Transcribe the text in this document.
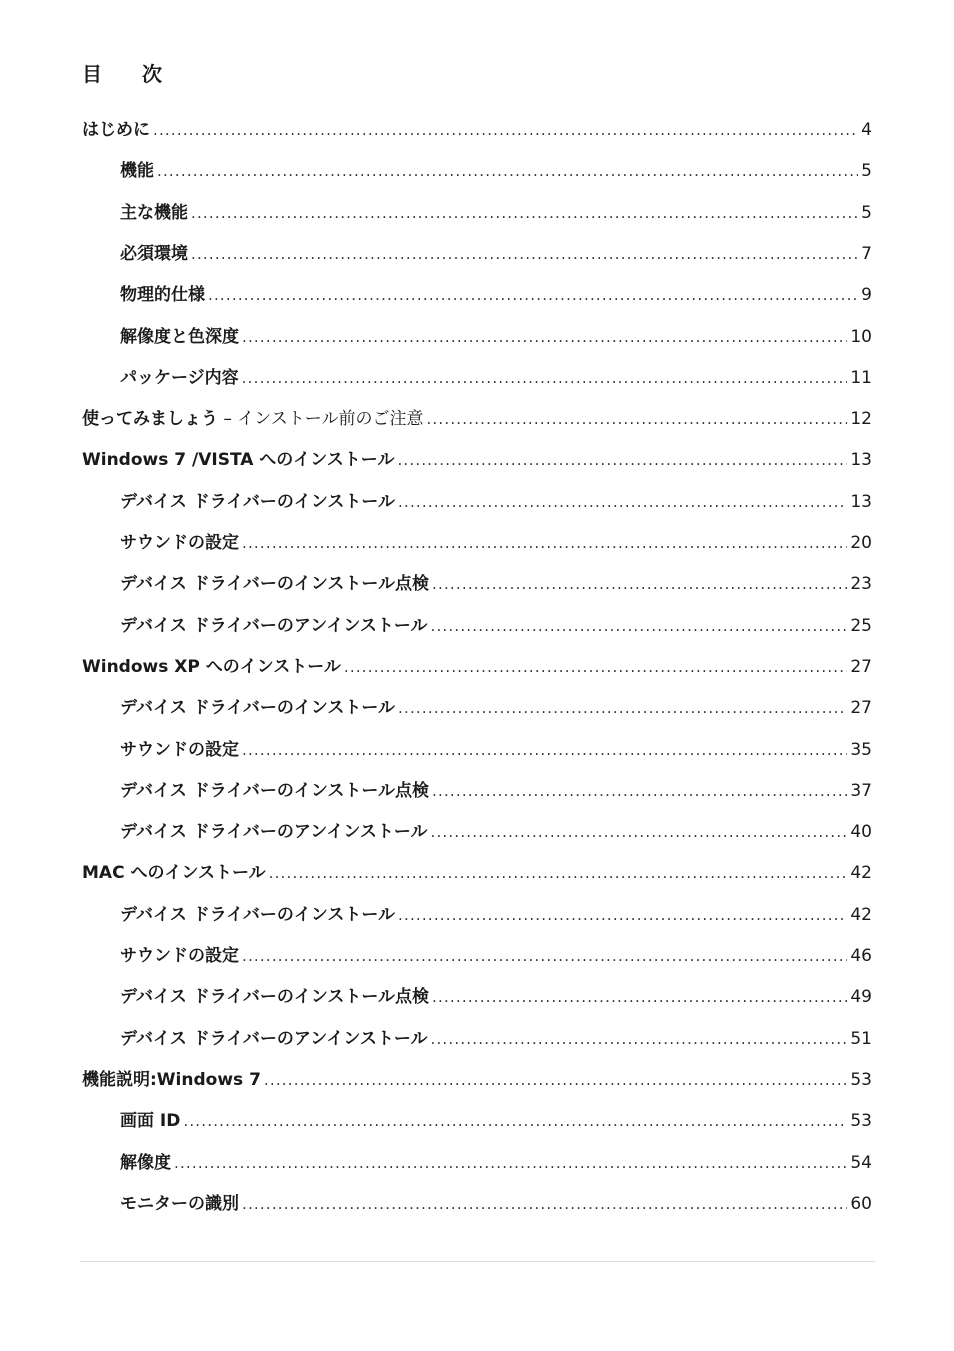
目　　次
はじめに .....	4
機能 .....	5
主な機能 .....	5
必須環境 .....	7
物理的仕様 .....	9
解像度と色深度 .....	10
パッケージ内容 .....	11
使ってみましょう – インストール前のご注意 .....	12
Windows 7 /VISTA へのインストール .....	13
デバイス ドライバーのインストール .....	13
サウンドの設定 .....	20
デバイス ドライバーのインストール点検 .....	23
デバイス ドライバーのアンインストール .....	25
Windows XP へのインストール .....	27
デバイス ドライバーのインストール .....	27
サウンドの設定 .....	35
デバイス ドライバーのインストール点検 .....	37
デバイス ドライバーのアンインストール .....	40
MAC へのインストール .....	42
デバイス ドライバーのインストール .....	42
サウンドの設定 .....	46
デバイス ドライバーのインストール点検 .....	49
デバイス ドライバーのアンインストール .....	51
機能説明:Windows 7 .....	53
画面 ID .....	53
解像度 .....	54
モニターの識別 .....	60
